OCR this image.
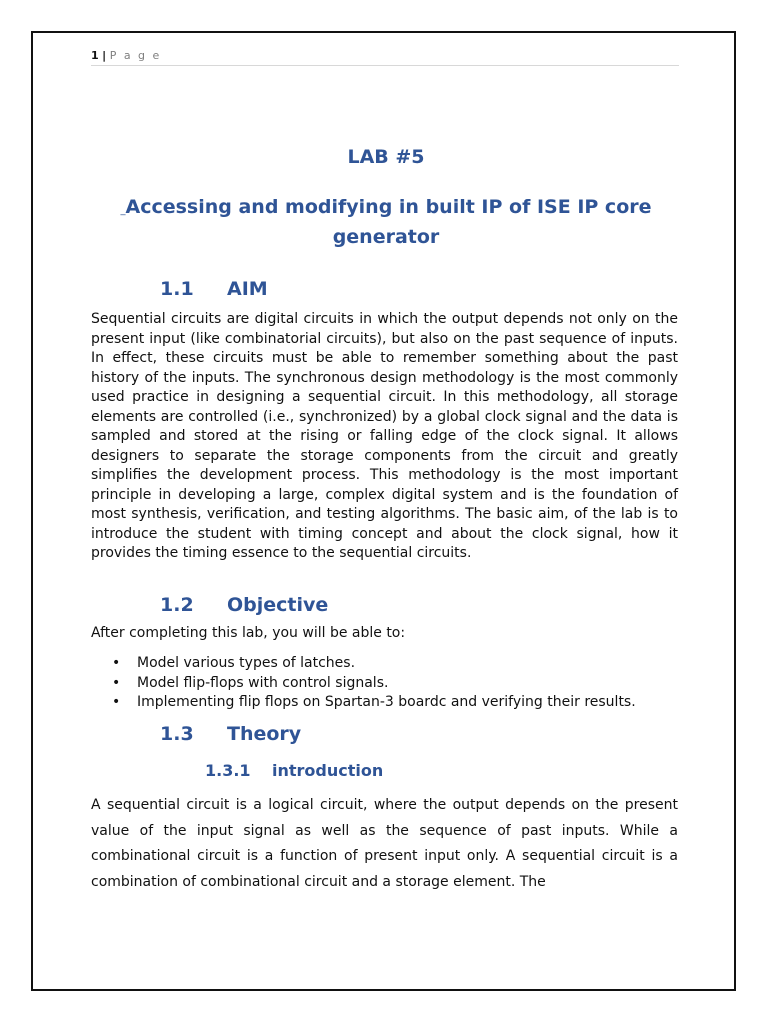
1 | P a g e
LAB #5
_Accessing and modifying in built IP of ISE IP core generator
1.1 AIM

Sequential circuits are digital circuits in which the output depends not only on the present input (like combinatorial circuits), but also on the past sequence of inputs. In effect, these circuits must be able to remember something about the past history of the inputs. The synchronous design methodology is the most commonly used practice in designing a sequential circuit. In this methodology, all storage elements are controlled (i.e., synchronized) by a global clock signal and the data is sampled and stored at the rising or falling edge of the clock signal. It allows designers to separate the storage components from the circuit and greatly simplifies the development process. This methodology is the most important principle in developing a large, complex digital system and is the foundation of most synthesis, verification, and testing algorithms. The basic aim, of the lab is to introduce the student with timing concept and about the clock signal, how it provides the timing essence to the sequential circuits.

1.2 Objective

After completing this lab, you will be able to:

• Model various types of latches.
• Model flip-flops with control signals.
• Implementing flip flops on Spartan-3 boardc and verifying their results.
1.3 Theory
1.3.1 introduction

A sequential circuit is a logical circuit, where the output depends on the present value of the input signal as well as the sequence of past inputs. While a combinational circuit is a function of present input only. A sequential circuit is a combination of combinational circuit and a storage element. The
